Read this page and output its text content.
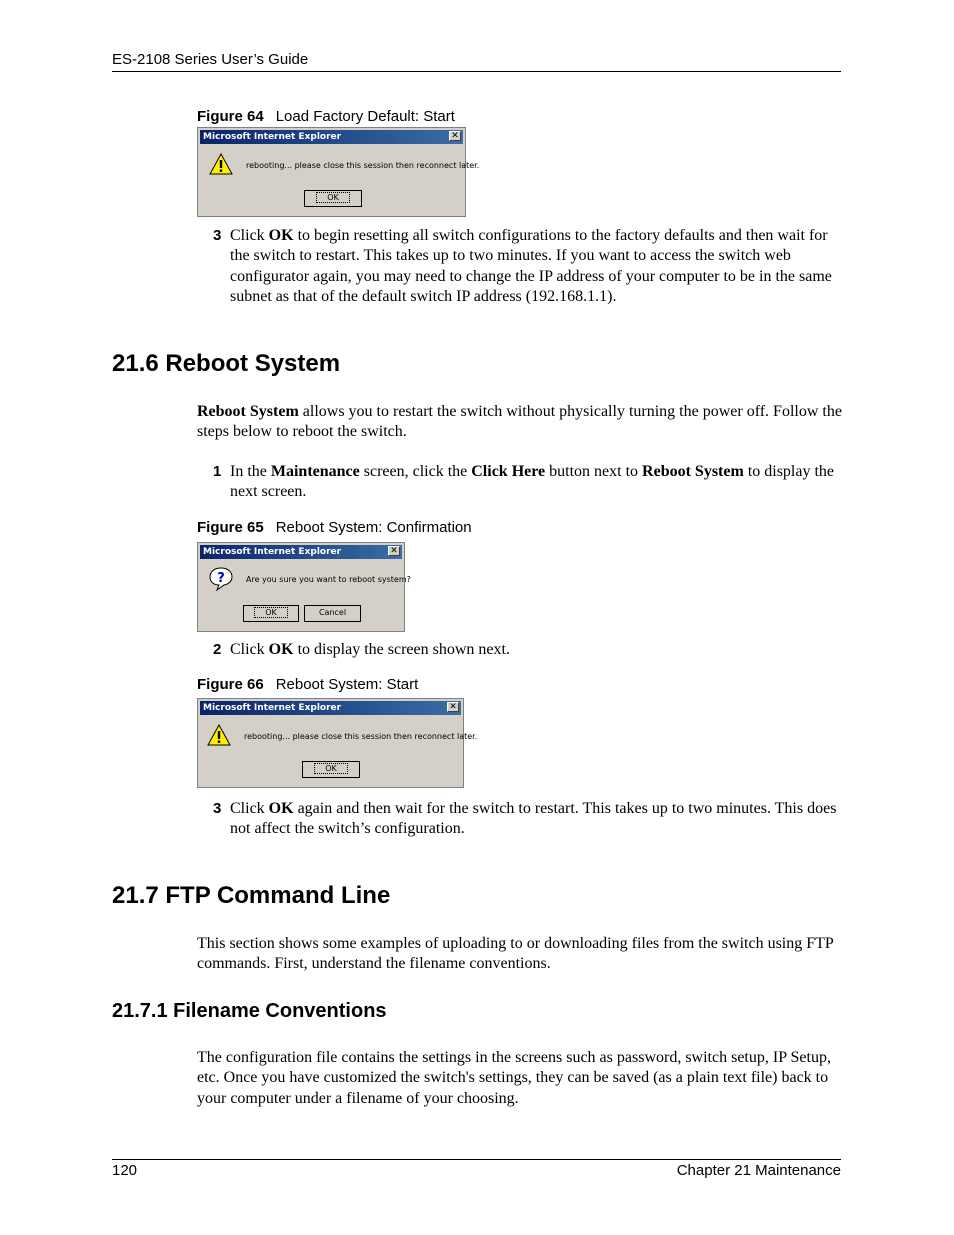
ES-2108 Series User’s Guide
Figure 64 Load Factory Default: Start
Microsoft Internet Explorer	✕
rebooting... please close this session then reconnect later.
OK
3 Click OK to begin resetting all switch configurations to the factory defaults and then wait for the switch to restart. This takes up to two minutes. If you want to access the switch web configurator again, you may need to change the IP address of your computer to be in the same subnet as that of the default switch IP address (192.168.1.1).
21.6 Reboot System
Reboot System allows you to restart the switch without physically turning the power off. Follow the steps below to reboot the switch.
1 In the Maintenance screen, click the Click Here button next to Reboot System to display the next screen.
Figure 65 Reboot System: Confirmation
Microsoft Internet Explorer	✕
?	Are you sure you want to reboot system?
OK	Cancel
2 Click OK to display the screen shown next.
Figure 66 Reboot System: Start
Microsoft Internet Explorer	✕
rebooting... please close this session then reconnect later.
OK
3 Click OK again and then wait for the switch to restart. This takes up to two minutes. This does not affect the switch’s configuration.
21.7 FTP Command Line
This section shows some examples of uploading to or downloading files from the switch using FTP commands. First, understand the filename conventions.
21.7.1 Filename Conventions
The configuration file contains the settings in the screens such as password, switch setup, IP Setup, etc. Once you have customized the switch's settings, they can be saved (as a plain text file) back to your computer under a filename of your choosing.
120	Chapter 21 Maintenance
